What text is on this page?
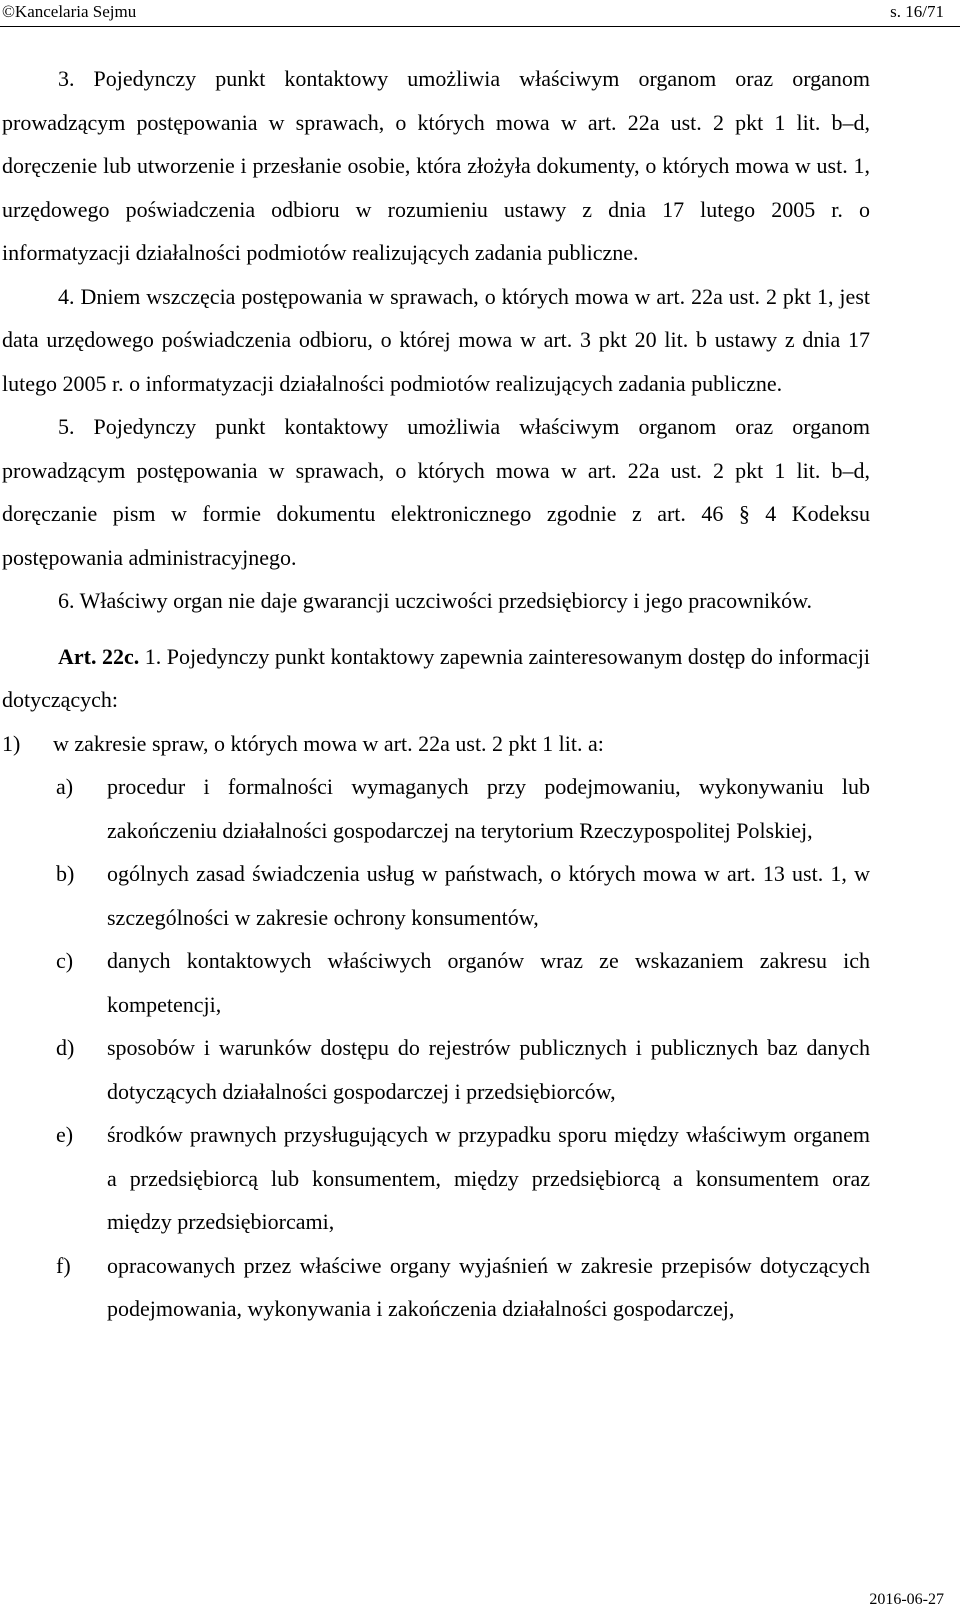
©Kancelaria Sejmu	s. 16/71

3. Pojedynczy punkt kontaktowy umożliwia właściwym organom oraz organom prowadzącym postępowania w sprawach, o których mowa w art. 22a ust. 2 pkt 1 lit. b–d, doręczenie lub utworzenie i przesłanie osobie, która złożyła dokumenty, o których mowa w ust. 1, urzędowego poświadczenia odbioru w rozumieniu ustawy z dnia 17 lutego 2005 r. o informatyzacji działalności podmiotów realizujących zadania publiczne.

4. Dniem wszczęcia postępowania w sprawach, o których mowa w art. 22a ust. 2 pkt 1, jest data urzędowego poświadczenia odbioru, o której mowa w art. 3 pkt 20 lit. b ustawy z dnia 17 lutego 2005 r. o informatyzacji działalności podmiotów realizujących zadania publiczne.

5. Pojedynczy punkt kontaktowy umożliwia właściwym organom oraz organom prowadzącym postępowania w sprawach, o których mowa w art. 22a ust. 2 pkt 1 lit. b–d, doręczanie pism w formie dokumentu elektronicznego zgodnie z art. 46 § 4 Kodeksu postępowania administracyjnego.

6. Właściwy organ nie daje gwarancji uczciwości przedsiębiorcy i jego pracowników.

Art. 22c. 1. Pojedynczy punkt kontaktowy zapewnia zainteresowanym dostęp do informacji dotyczących:

1)	w zakresie spraw, o których mowa w art. 22a ust. 2 pkt 1 lit. a:
a)	procedur i formalności wymaganych przy podejmowaniu, wykonywaniu lub zakończeniu działalności gospodarczej na terytorium Rzeczypospolitej Polskiej,
b)	ogólnych zasad świadczenia usług w państwach, o których mowa w art. 13 ust. 1, w szczególności w zakresie ochrony konsumentów,
c)	danych kontaktowych właściwych organów wraz ze wskazaniem zakresu ich kompetencji,
d)	sposobów i warunków dostępu do rejestrów publicznych i publicznych baz danych dotyczących działalności gospodarczej i przedsiębiorców,
e)	środków prawnych przysługujących w przypadku sporu między właściwym organem a przedsiębiorcą lub konsumentem, między przedsiębiorcą a konsumentem oraz między przedsiębiorcami,
f)	opracowanych przez właściwe organy wyjaśnień w zakresie przepisów dotyczących podejmowania, wykonywania i zakończenia działalności gospodarczej,
2016-06-27
